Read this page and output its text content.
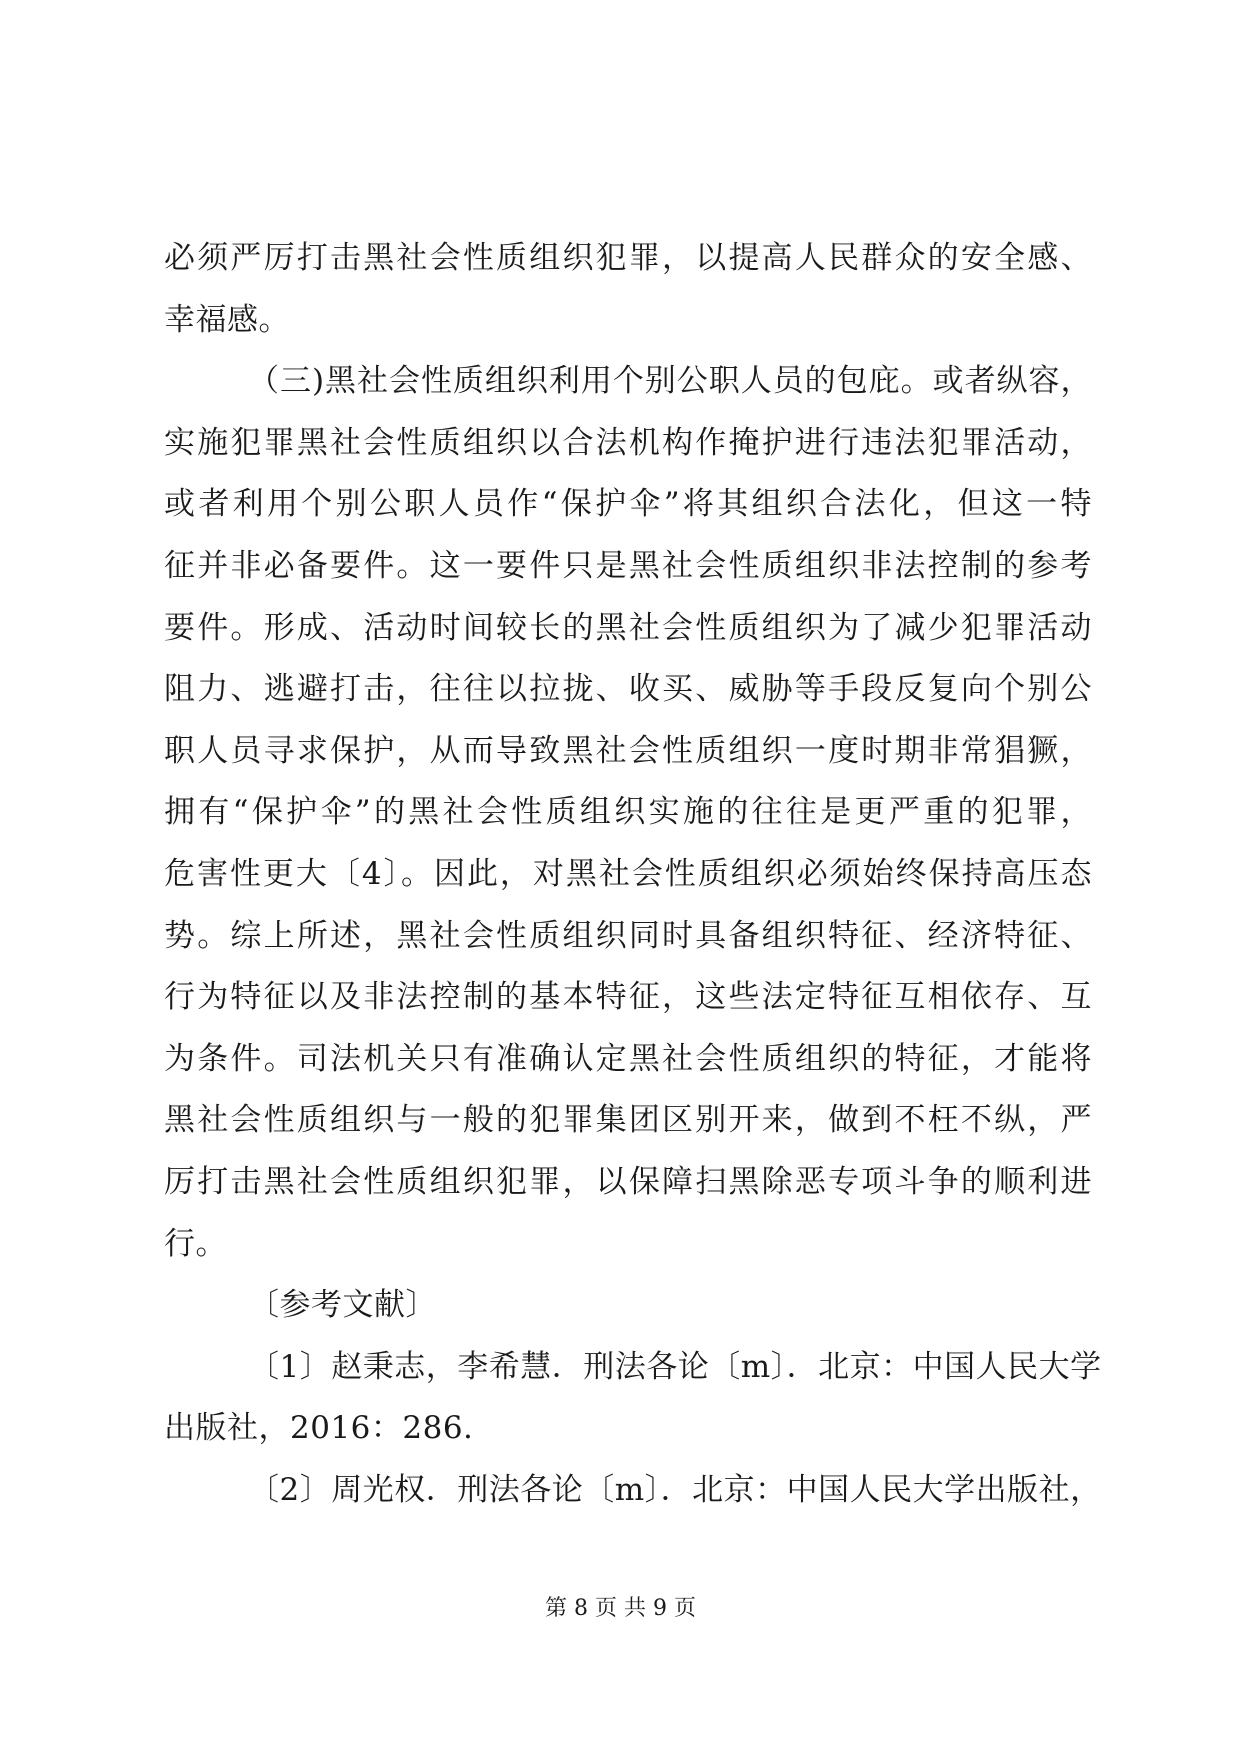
必须严厉打击黑社会性质组织犯罪，以提高人民群众的安全感、
幸福感。
（三)黑社会性质组织利用个别公职人员的包庇。或者纵容，
实施犯罪黑社会性质组织以合法机构作掩护进行违法犯罪活动，
或者利用个别公职人员作“保护伞”将其组织合法化，但这一特
征并非必备要件。这一要件只是黑社会性质组织非法控制的参考
要件。形成、活动时间较长的黑社会性质组织为了减少犯罪活动
阻力、逃避打击，往往以拉拢、收买、威胁等手段反复向个别公
职人员寻求保护，从而导致黑社会性质组织一度时期非常猖獗，
拥有“保护伞”的黑社会性质组织实施的往往是更严重的犯罪，
危害性更大〔4〕。因此，对黑社会性质组织必须始终保持高压态
势。综上所述，黑社会性质组织同时具备组织特征、经济特征、
行为特征以及非法控制的基本特征，这些法定特征互相依存、互
为条件。司法机关只有准确认定黑社会性质组织的特征，才能将
黑社会性质组织与一般的犯罪集团区别开来，做到不枉不纵，严
厉打击黑社会性质组织犯罪，以保障扫黑除恶专项斗争的顺利进
行。
〔参考文献〕
〔1〕赵秉志，李希慧．刑法各论〔m〕．北京：中国人民大学
出版社，2016：286.
〔2〕周光权．刑法各论〔m〕．北京：中国人民大学出版社，
第 8 页 共 9 页
